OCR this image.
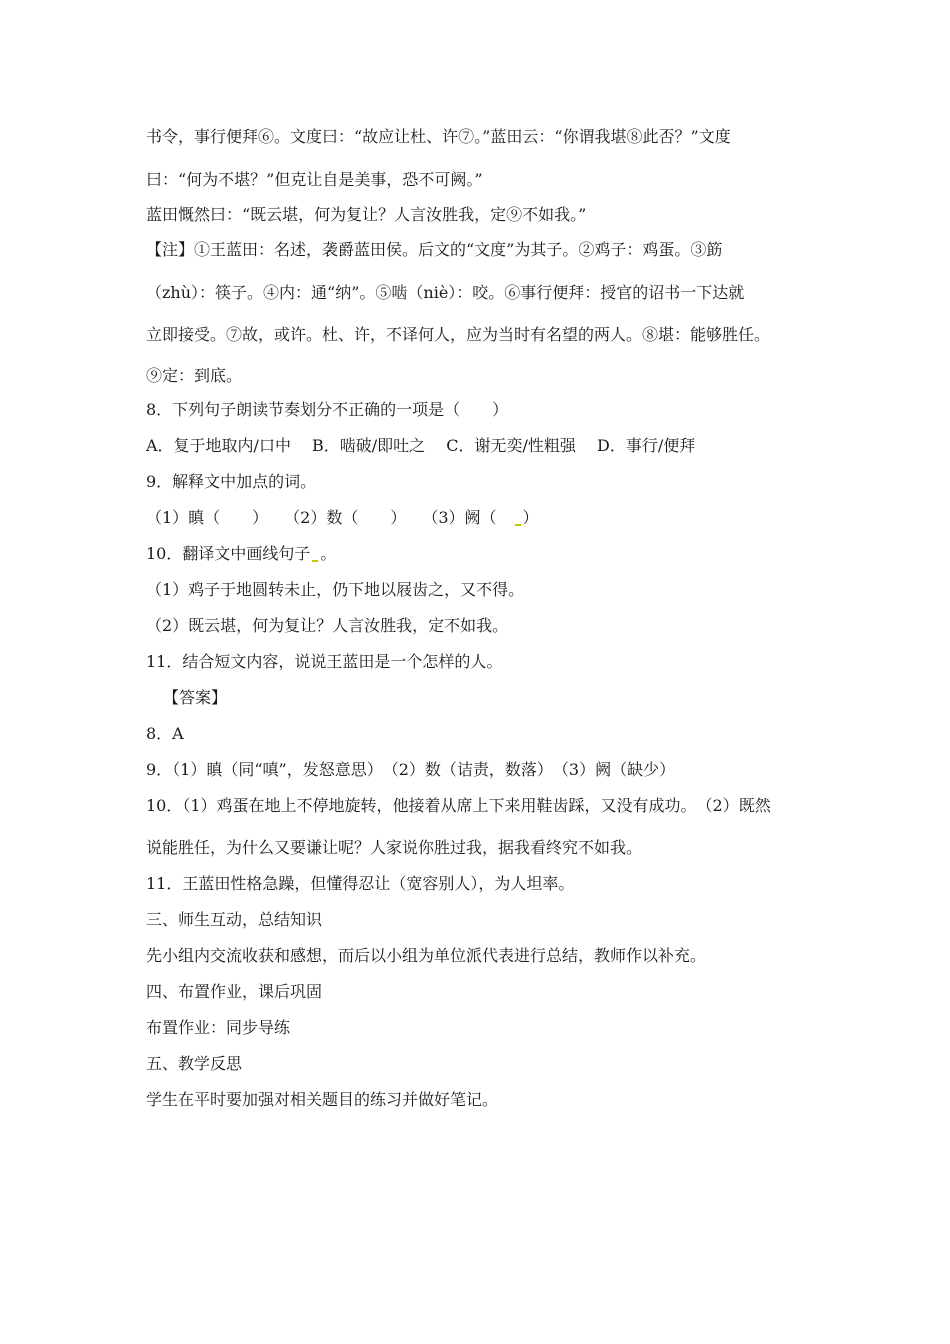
书令，事行便拜⑥。文度曰：“故应让杜、许⑦。”蓝田云：“你谓我堪⑧此否？”文度
曰：“何为不堪？”但克让自是美事，恐不可阙。”
蓝田慨然曰：“既云堪，何为复让？人言汝胜我，定⑨不如我。”
【注】①王蓝田：名述，袭爵蓝田侯。后文的“文度”为其子。②鸡子：鸡蛋。③筯
（zhù）：筷子。④内：通“纳”。⑤啮（niè）：咬。⑥事行便拜：授官的诏书一下达就
立即接受。⑦故，或许。杜、许，不译何人，应为当时有名望的两人。⑧堪：能够胜任。
⑨定：到底。
8．下列句子朗读节奏划分不正确的一项是（　　）
A．复于地取内/口中　 B．啮破/即吐之　 C．谢无奕/性粗强　 D．事行/便拜
9．解释文中加点的词。
（1）瞋（　　）　　（2）数（　　）　　（3）阙（　）
10．翻译文中画线句子 。
（1）鸡子于地圆转未止，仍下地以屐齿之，又不得。
（2）既云堪，何为复让？人言汝胜我，定不如我。
11．结合短文内容，说说王蓝田是一个怎样的人。
【答案】
8．A
9．（1）瞋（同“嗔”，发怒意思）　（2）数（诘责，数落）　（3）阙（缺少）
10．（1）鸡蛋在地上不停地旋转，他接着从席上下来用鞋齿踩，又没有成功。　（2）既然
说能胜任，为什么又要谦让呢？人家说你胜过我，据我看终究不如我。
11．王蓝田性格急躁，但懂得忍让（宽容别人），为人坦率。
三、师生互动，总结知识
先小组内交流收获和感想，而后以小组为单位派代表进行总结，教师作以补充。
四、布置作业，课后巩固
布置作业：同步导练
五、教学反思
学生在平时要加强对相关题目的练习并做好笔记。
